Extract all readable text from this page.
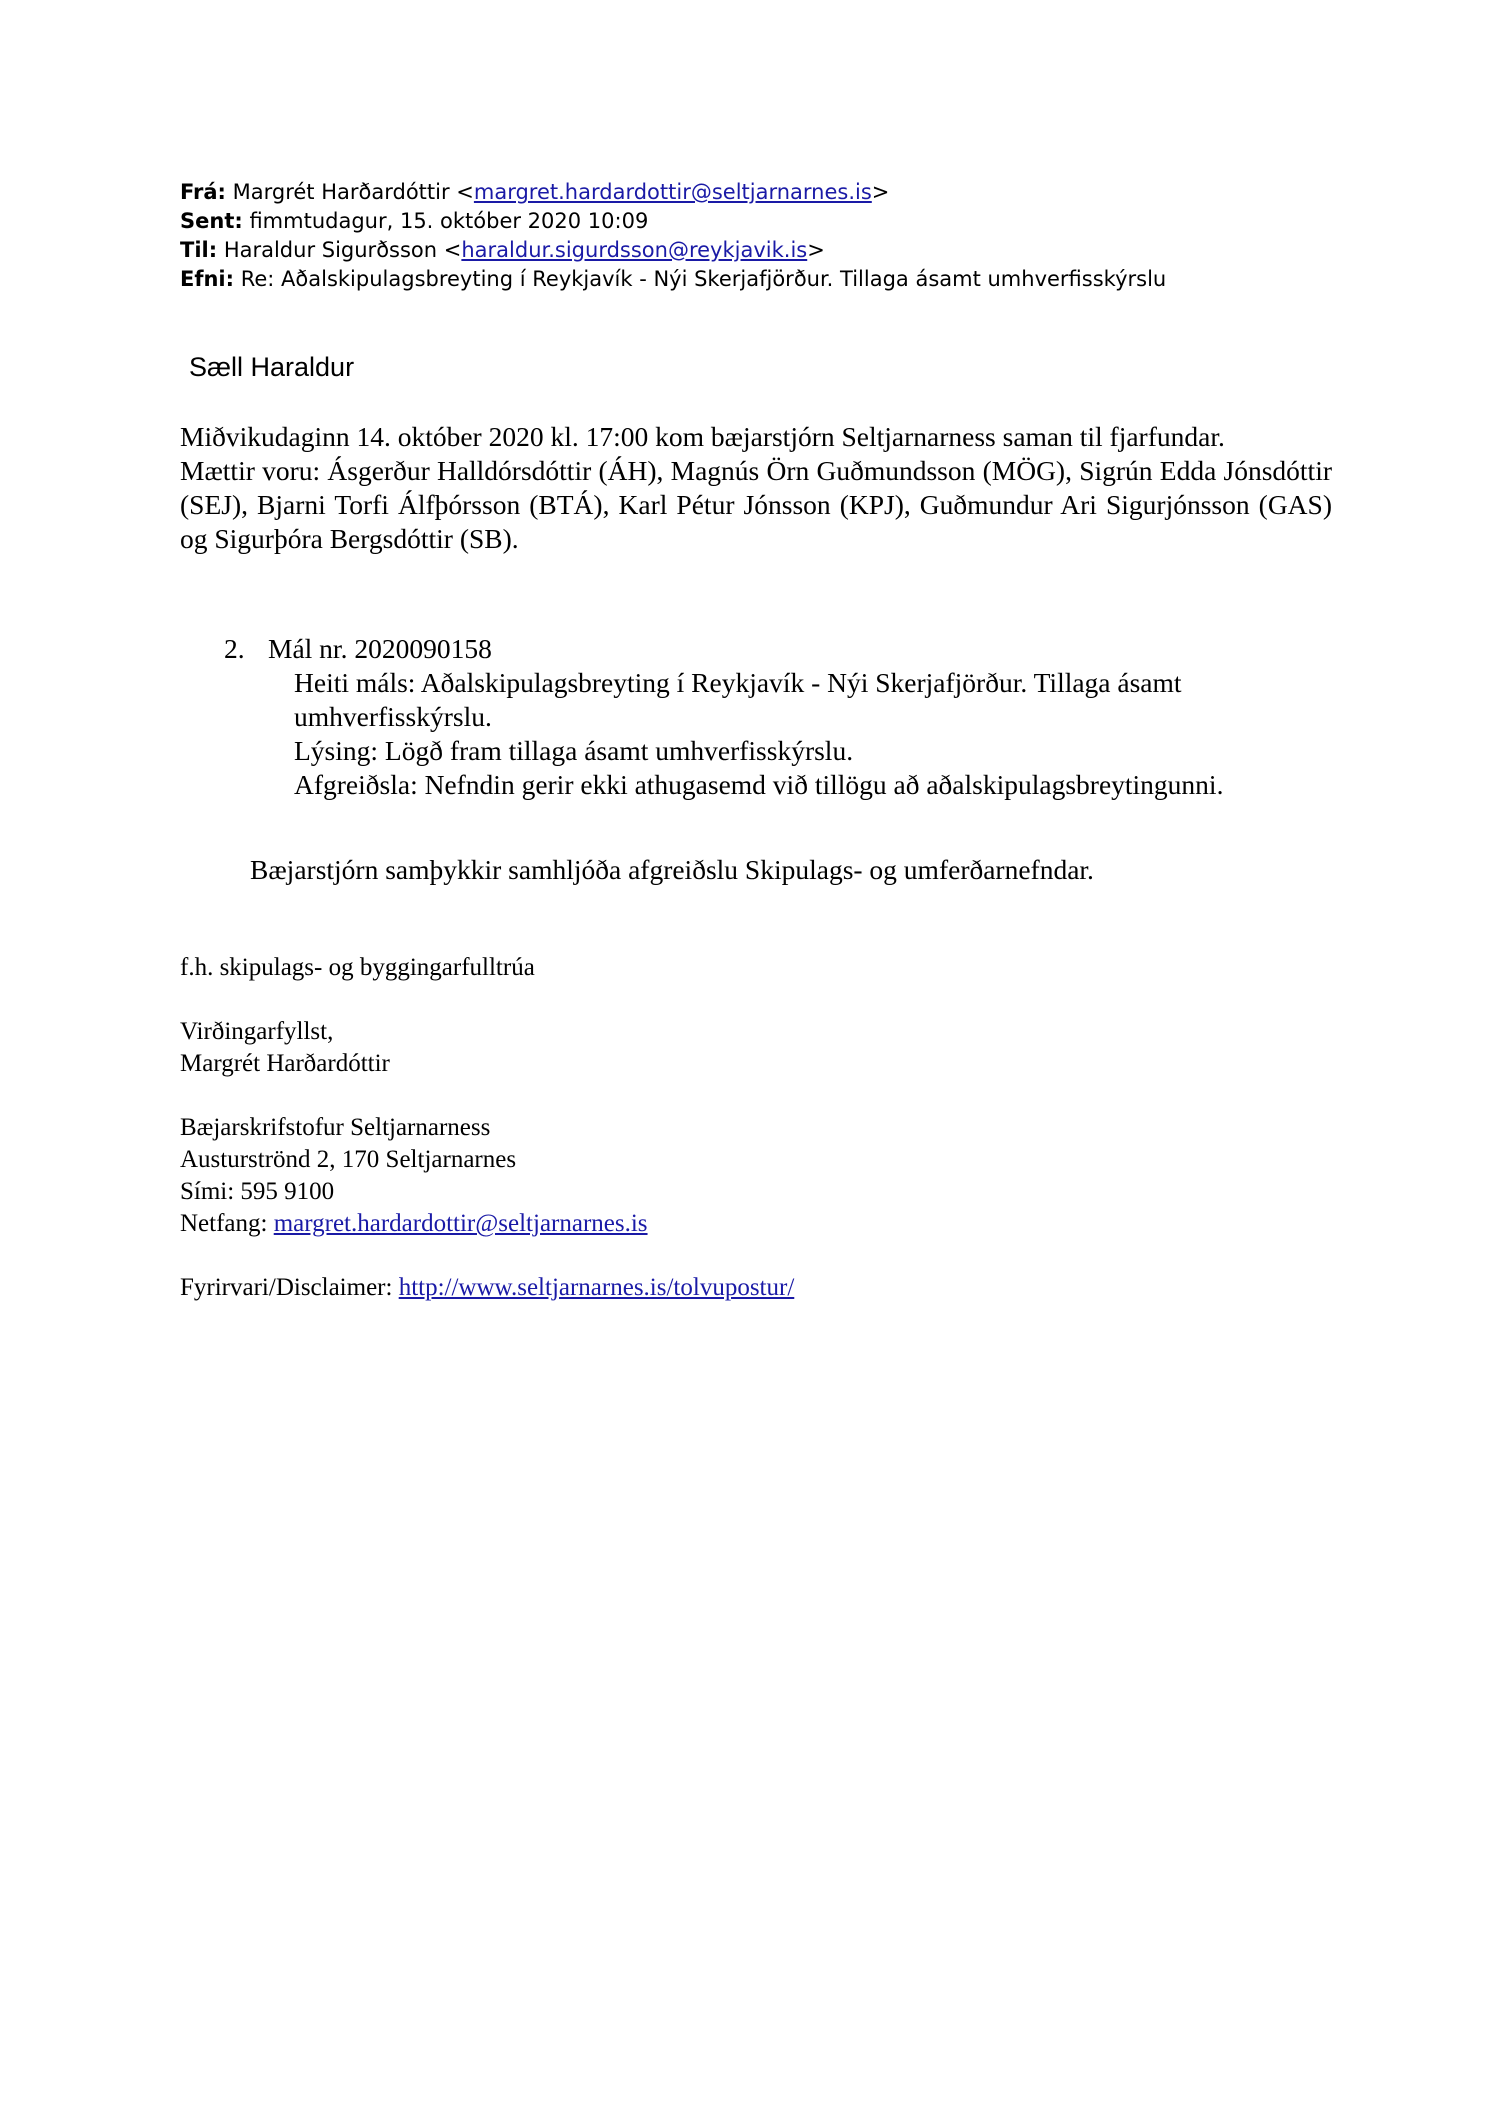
Frá: Margrét Harðardóttir <margret.hardardottir@seltjarnarnes.is>
Sent: fimmtudagur, 15. október 2020 10:09
Til: Haraldur Sigurðsson <haraldur.sigurdsson@reykjavik.is>
Efni: Re: Aðalskipulagsbreyting í Reykjavík - Nýi Skerjafjörður. Tillaga ásamt umhverfisskýrslu
Sæll Haraldur

Miðvikudaginn 14. október 2020 kl. 17:00 kom bæjarstjórn Seltjarnarness saman til fjarfundar.

Mættir voru: Ásgerður Halldórsdóttir (ÁH), Magnús Örn Guðmundsson (MÖG), Sigrún Edda Jónsdóttir (SEJ), Bjarni Torfi Álfþórsson (BTÁ), Karl Pétur Jónsson (KPJ), Guðmundur Ari Sigurjónsson (GAS) og Sigurþóra Bergsdóttir (SB).

2. Mál nr. 2020090158
Heiti máls: Aðalskipulagsbreyting í Reykjavík - Nýi Skerjafjörður. Tillaga ásamt umhverfisskýrslu.
Lýsing: Lögð fram tillaga ásamt umhverfisskýrslu.
Afgreiðsla: Nefndin gerir ekki athugasemd við tillögu að aðalskipulagsbreytingunni.
Bæjarstjórn samþykkir samhljóða afgreiðslu Skipulags- og umferðarnefndar.

f.h. skipulags- og byggingarfulltrúa

Virðingarfyllst,

Margrét Harðardóttir

Bæjarskrifstofur Seltjarnarness

Austurströnd 2, 170 Seltjarnarnes

Sími: 595 9100

Netfang: margret.hardardottir@seltjarnarnes.is

Fyrirvari/Disclaimer: http://www.seltjarnarnes.is/tolvupostur/
